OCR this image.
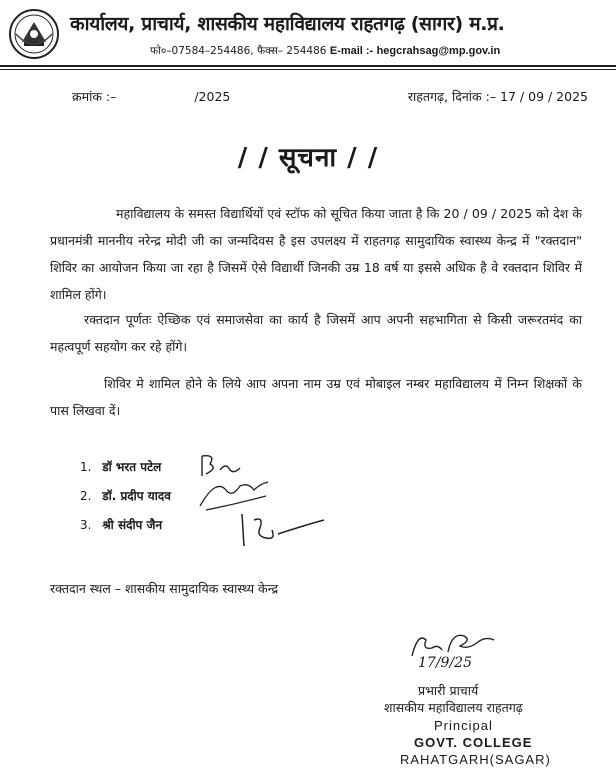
कार्यालय, प्राचार्य, शासकीय महाविद्यालय राहतगढ़ (सागर) म.प्र.
फो०–07584–254486, फैक्स– 254486 E-mail :- hegcrahsag@mp.gov.in
क्रमांक :–	/2025	राहतगढ़, दिनांक :– 17 / 09 / 2025
/ / सूचना / /
महाविद्यालय के समस्त विद्यार्थियों एवं स्टॉफ को सूचित किया जाता है कि 20 / 09 / 2025 को देश के प्रधानमंत्री माननीय नरेन्द्र मोदी जी का जन्मदिवस है इस उपलक्ष्य में राहतगढ़ सामुदायिक स्वास्थ्य केन्द्र में "रक्तदान" शिविर का आयोजन किया जा रहा है जिसमें ऐसे विद्यार्थी जिनकी उम्र 18 वर्ष या इससे अधिक है वे रक्तदान शिविर में शामिल होंगे।
रक्तदान पूर्णतः ऐच्छिक एवं समाजसेवा का कार्य है जिसमें आप अपनी सहभागिता से किसी जरूरतमंद का महत्वपूर्ण सहयोग कर रहे होंगे।
शिविर मे शामिल होने के लिये आप अपना नाम उम्र एवं मोबाइल नम्बर महाविद्यालय में निम्न शिक्षकों के पास लिखवा दें।
1. डॉ भरत पटेल
2. डॉ. प्रदीप यादव
3. श्री संदीप जैन
रक्तदान स्थल – शासकीय सामुदायिक स्वास्थ्य केन्द्र
17/9/25
प्रभारी प्राचार्य
शासकीय महाविद्यालय राहतगढ़
Principal
GOVT. COLLEGE
RAHATGARH(SAGAR)
